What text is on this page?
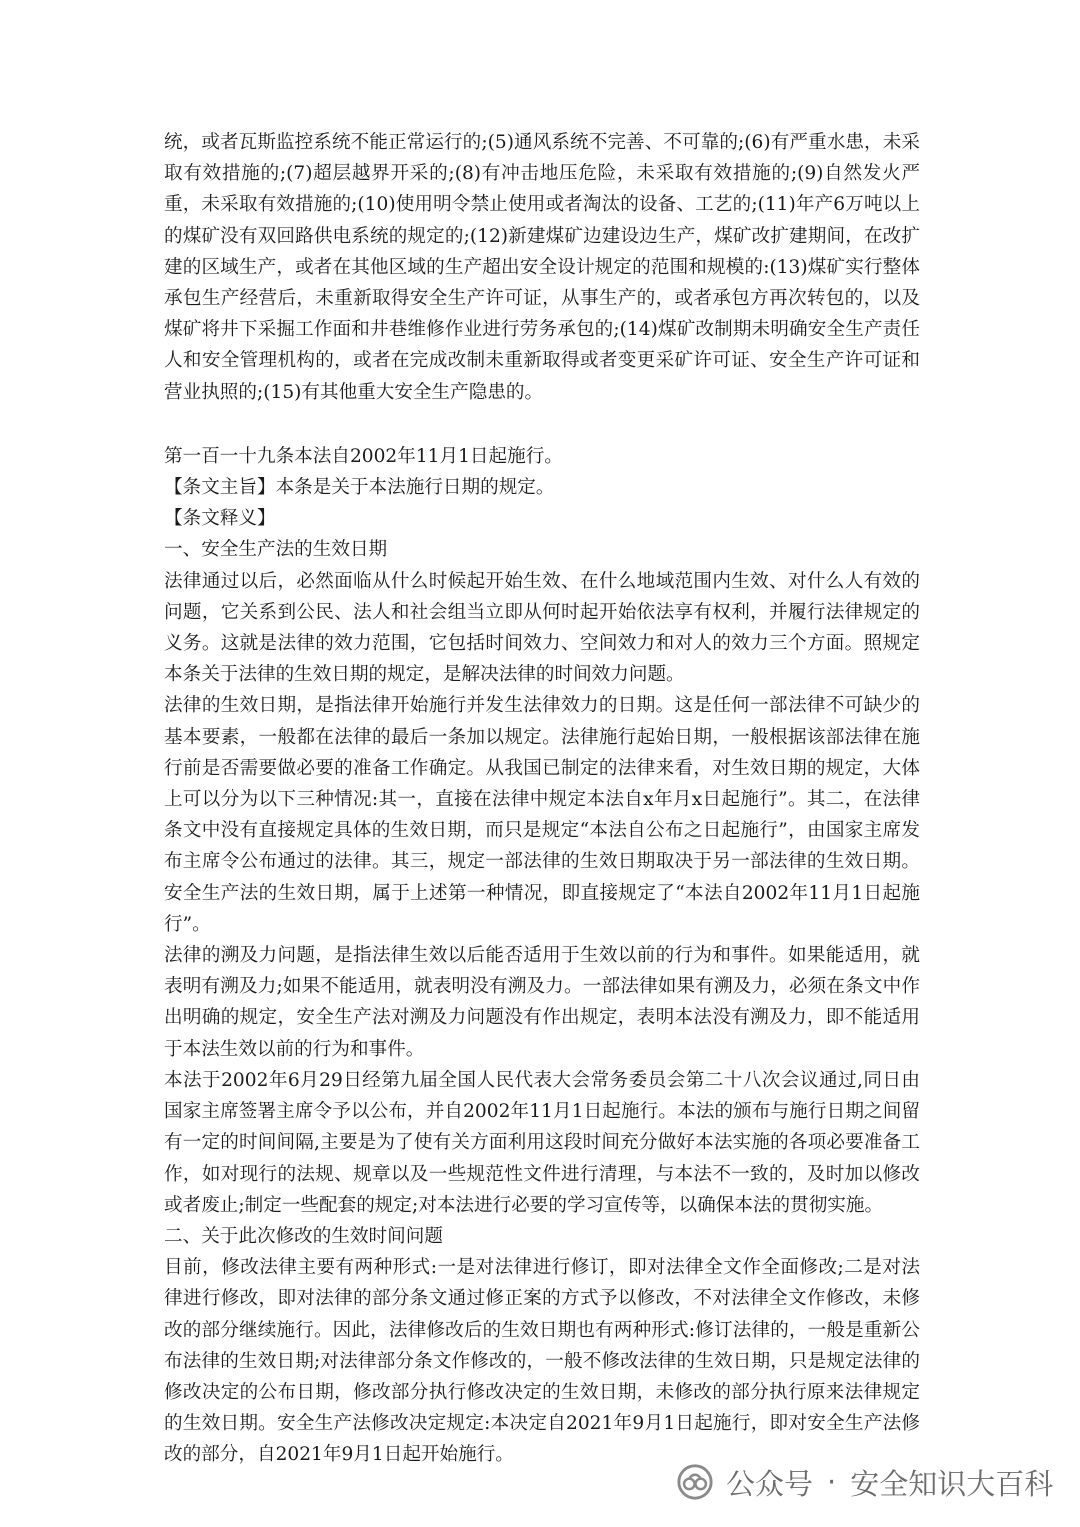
统，或者瓦斯监控系统不能正常运行的;(5)通风系统不完善、不可靠的;(6)有严重水患，未采取有效措施的;(7)超层越界开采的;(8)有冲击地压危险，未采取有效措施的;(9)自然发火严重，未采取有效措施的;(10)使用明令禁止使用或者淘汰的设备、工艺的;(11)年产6万吨以上的煤矿没有双回路供电系统的规定的;(12)新建煤矿边建设边生产，煤矿改扩建期间，在改扩建的区域生产，或者在其他区域的生产超出安全设计规定的范围和规模的:(13)煤矿实行整体承包生产经营后，未重新取得安全生产许可证，从事生产的，或者承包方再次转包的，以及煤矿将井下采掘工作面和井巷维修作业进行劳务承包的;(14)煤矿改制期未明确安全生产责任人和安全管理机构的，或者在完成改制未重新取得或者变更采矿许可证、安全生产许可证和营业执照的;(15)有其他重大安全生产隐患的。

第一百一十九条本法自2002年11月1日起施行。

【条文主旨】本条是关于本法施行日期的规定。

【条文释义】

一、安全生产法的生效日期

法律通过以后，必然面临从什么时候起开始生效、在什么地域范围内生效、对什么人有效的问题，它关系到公民、法人和社会组当立即从何时起开始依法享有权利，并履行法律规定的义务。这就是法律的效力范围，它包括时间效力、空间效力和对人的效力三个方面。照规定本条关于法律的生效日期的规定，是解决法律的时间效力问题。

法律的生效日期，是指法律开始施行并发生法律效力的日期。这是任何一部法律不可缺少的基本要素，一般都在法律的最后一条加以规定。法律施行起始日期，一般根据该部法律在施行前是否需要做必要的准备工作确定。从我国已制定的法律来看，对生效日期的规定，大体上可以分为以下三种情况:其一，直接在法律中规定本法自x年月x日起施行”。其二，在法律条文中没有直接规定具体的生效日期，而只是规定“本法自公布之日起施行”，由国家主席发布主席令公布通过的法律。其三，规定一部法律的生效日期取决于另一部法律的生效日期。安全生产法的生效日期，属于上述第一种情况，即直接规定了“本法自2002年11月1日起施行”。

法律的溯及力问题，是指法律生效以后能否适用于生效以前的行为和事件。如果能适用，就表明有溯及力;如果不能适用，就表明没有溯及力。一部法律如果有溯及力，必须在条文中作出明确的规定，安全生产法对溯及力问题没有作出规定，表明本法没有溯及力，即不能适用于本法生效以前的行为和事件。

本法于2002年6月29日经第九届全国人民代表大会常务委员会第二十八次会议通过,同日由国家主席签署主席令予以公布，并自2002年11月1日起施行。本法的颁布与施行日期之间留有一定的时间间隔,主要是为了使有关方面利用这段时间充分做好本法实施的各项必要准备工作，如对现行的法规、规章以及一些规范性文件进行清理，与本法不一致的，及时加以修改或者废止;制定一些配套的规定;对本法进行必要的学习宣传等，以确保本法的贯彻实施。

二、关于此次修改的生效时间问题

目前，修改法律主要有两种形式:一是对法律进行修订，即对法律全文作全面修改;二是对法律进行修改，即对法律的部分条文通过修正案的方式予以修改，不对法律全文作修改，未修改的部分继续施行。因此，法律修改后的生效日期也有两种形式:修订法律的，一般是重新公布法律的生效日期;对法律部分条文作修改的，一般不修改法律的生效日期，只是规定法律的修改决定的公布日期，修改部分执行修改决定的生效日期，未修改的部分执行原来法律规定的生效日期。安全生产法修改决定规定:本决定自2021年9月1日起施行，即对安全生产法修改的部分，自2021年9月1日起开始施行。

公众号 · 安全知识大百科
